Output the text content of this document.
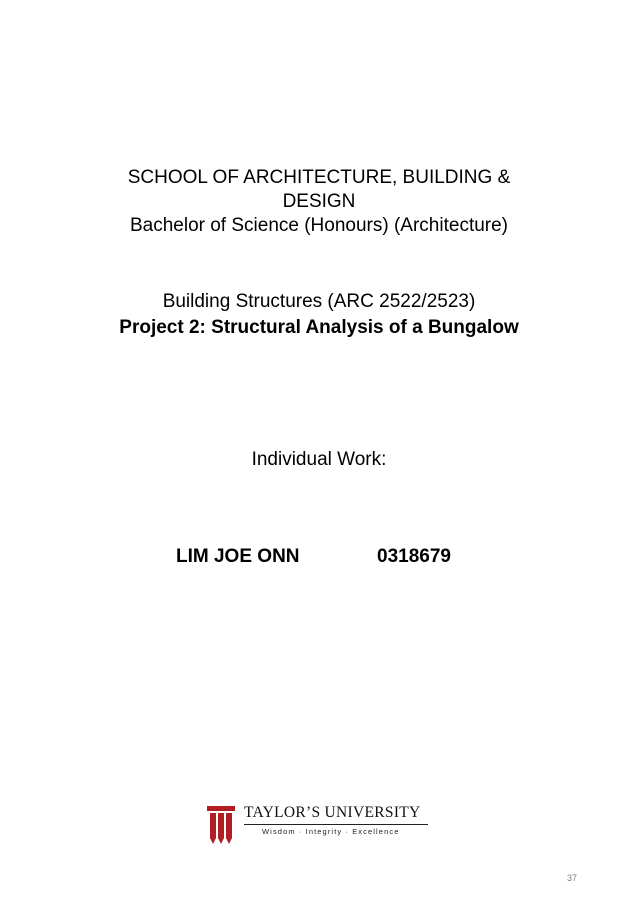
SCHOOL OF ARCHITECTURE, BUILDING &
DESIGN
Bachelor of Science (Honours) (Architecture)
Building Structures (ARC 2522/2523)
Project 2: Structural Analysis of a Bungalow
Individual Work:
LIM JOE ONN	0318679
TAYLOR’S UNIVERSITY
Wisdom · Integrity · Excellence
37
